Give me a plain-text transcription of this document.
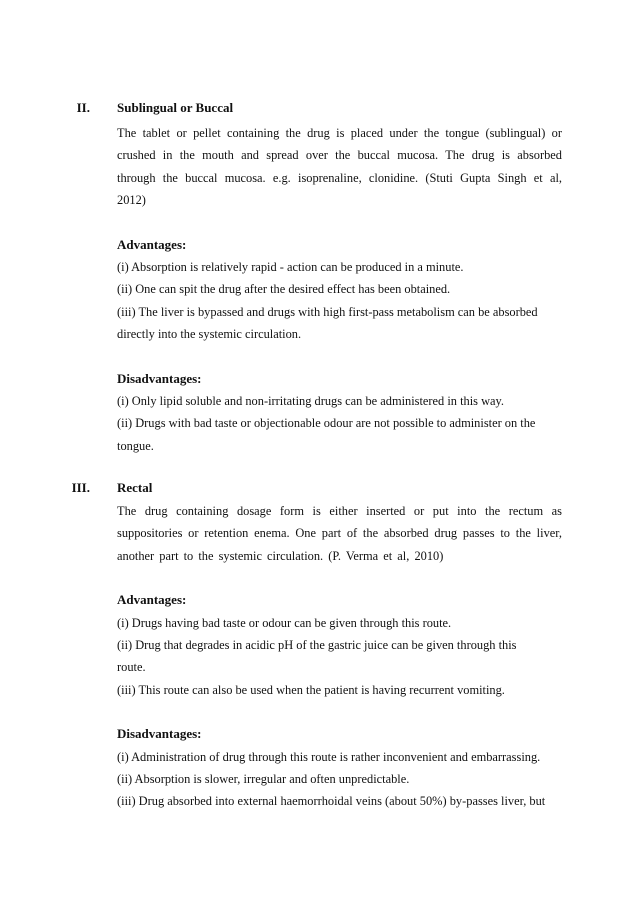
II. Sublingual or Buccal

The tablet or pellet containing the drug is placed under the tongue (sublingual) or crushed in the mouth and spread over the buccal mucosa. The drug is absorbed through the buccal mucosa. e.g. isoprenaline, clonidine. (Stuti Gupta Singh et al, 2012)

Advantages:

(i) Absorption is relatively rapid - action can be produced in a minute.

(ii) One can spit the drug after the desired effect has been obtained.

(iii) The liver is bypassed and drugs with high first-pass metabolism can be absorbed directly into the systemic circulation.

Disadvantages:

(i) Only lipid soluble and non-irritating drugs can be administered in this way.

(ii) Drugs with bad taste or objectionable odour are not possible to administer on the tongue.

III. Rectal

The drug containing dosage form is either inserted or put into the rectum as suppositories or retention enema. One part of the absorbed drug passes to the liver, another part to the systemic circulation. (P. Verma et al, 2010)

Advantages:

(i) Drugs having bad taste or odour can be given through this route.

(ii) Drug that degrades in acidic pH of the gastric juice can be given through this route.

(iii) This route can also be used when the patient is having recurrent vomiting.

Disadvantages:

(i) Administration of drug through this route is rather inconvenient and embarrassing.

(ii) Absorption is slower, irregular and often unpredictable.

(iii) Drug absorbed into external haemorrhoidal veins (about 50%) by-passes liver, but
